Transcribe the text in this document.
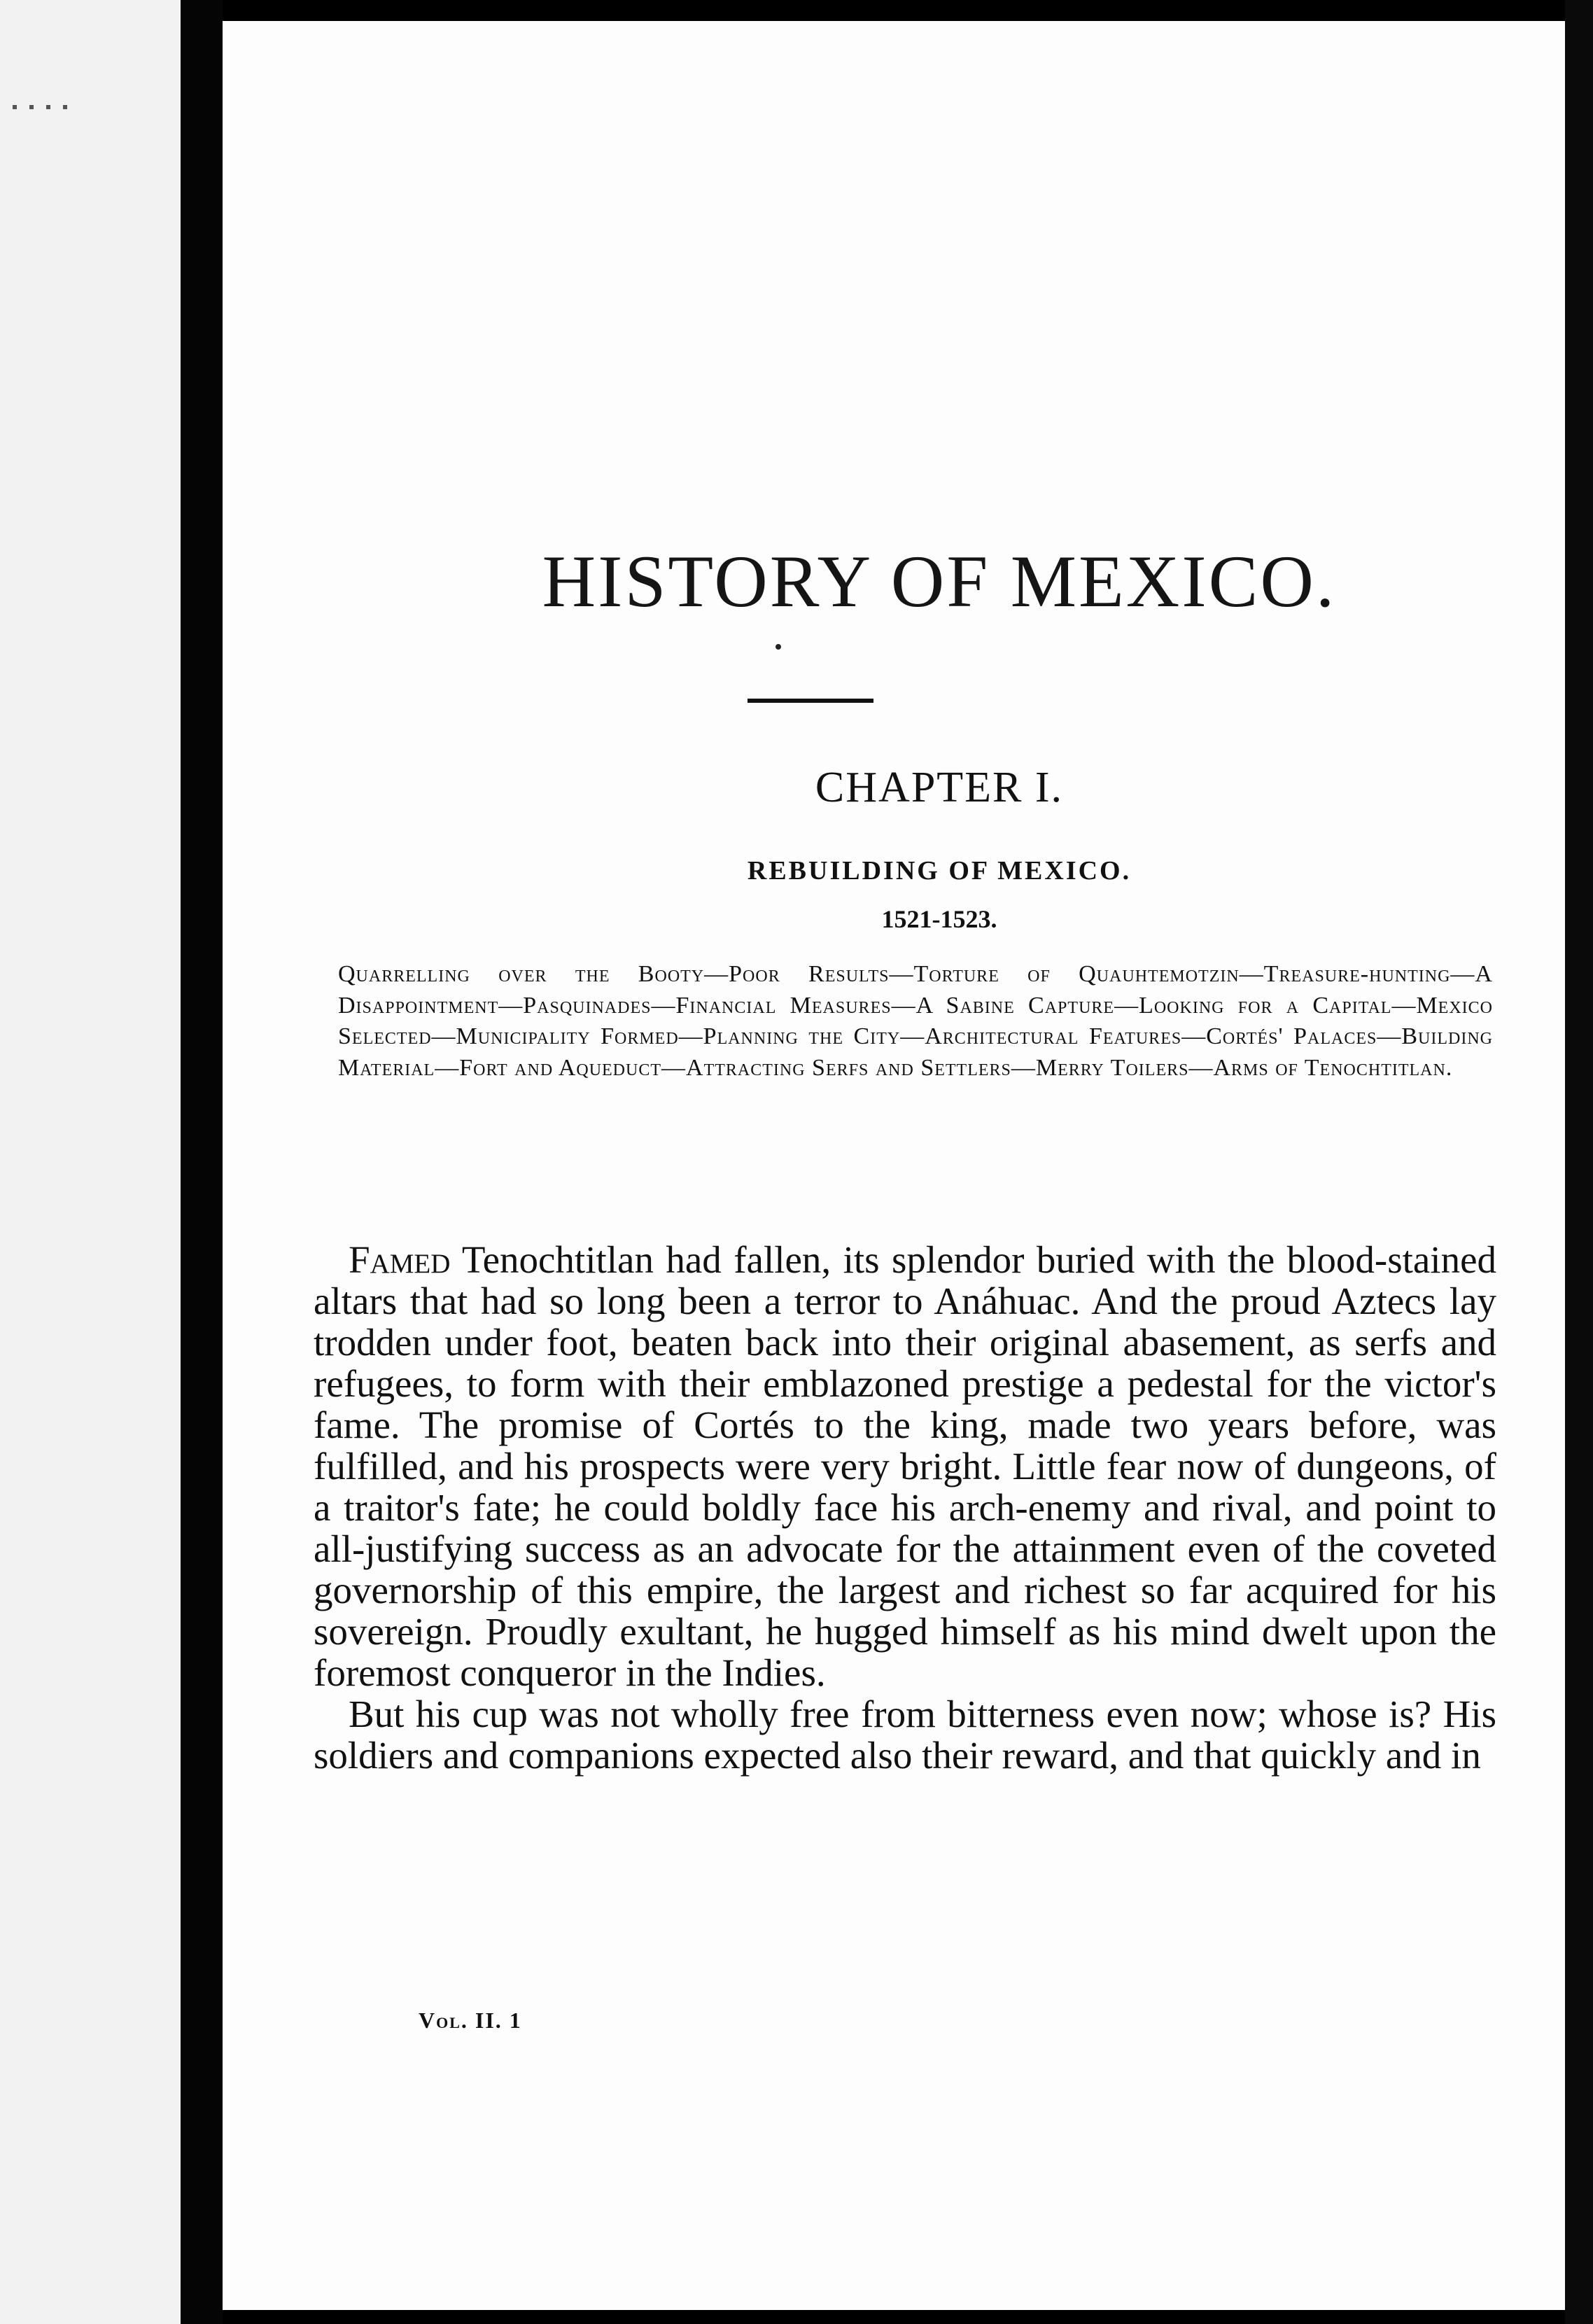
HISTORY OF MEXICO.
CHAPTER I.
REBUILDING OF MEXICO.
1521-1523.
Quarrelling over the Booty—Poor Results—Torture of Quauhtemotzin—Treasure-hunting—A Disappointment—Pasquinades—Financial Measures—A Sabine Capture—Looking for a Capital—Mexico Selected—Municipality Formed—Planning the City—Architectural Features—Cortés' Palaces—Building Material—Fort and Aqueduct—Attracting Serfs and Settlers—Merry Toilers—Arms of Tenochtitlan.

Famed Tenochtitlan had fallen, its splendor buried with the blood-stained altars that had so long been a terror to Anáhuac. And the proud Aztecs lay trodden under foot, beaten back into their original abasement, as serfs and refugees, to form with their emblazoned prestige a pedestal for the victor's fame. The promise of Cortés to the king, made two years before, was fulfilled, and his prospects were very bright. Little fear now of dungeons, of a traitor's fate; he could boldly face his arch-enemy and rival, and point to all-justifying success as an advocate for the attainment even of the coveted governorship of this empire, the largest and richest so far acquired for his sovereign. Proudly exultant, he hugged himself as his mind dwelt upon the foremost conqueror in the Indies.

But his cup was not wholly free from bitterness even now; whose is? His soldiers and companions expected also their reward, and that quickly and in

Vol. II. 1
